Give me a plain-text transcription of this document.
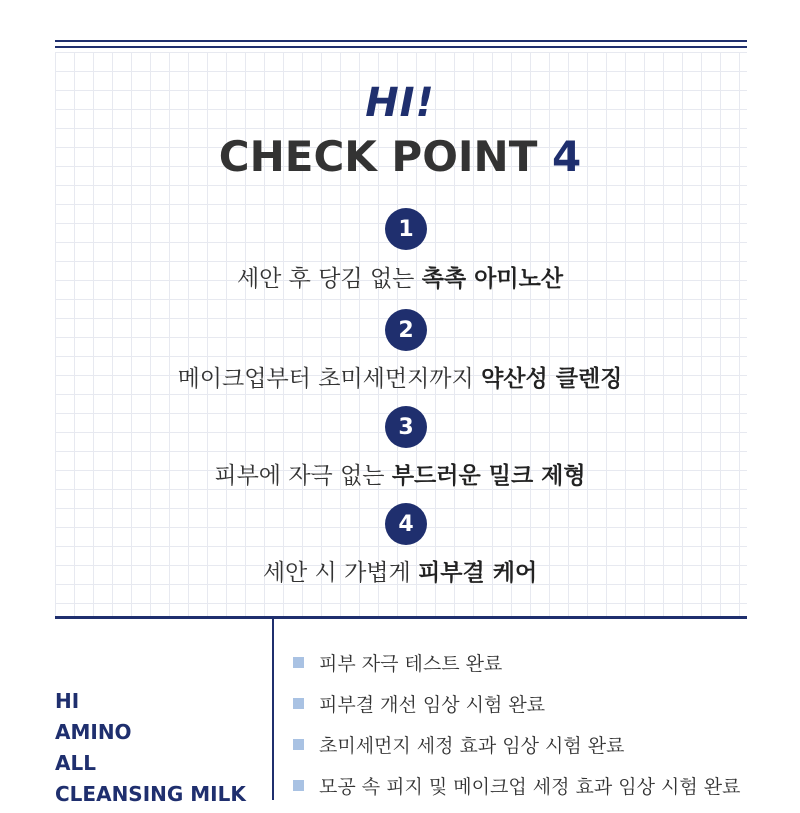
HI!
CHECK POINT 4
1
세안 후 당김 없는 촉촉 아미노산
2
메이크업부터 초미세먼지까지 약산성 클렌징
3
피부에 자극 없는 부드러운 밀크 제형
4
세안 시 가볍게 피부결 케어
HI
AMINO
ALL
CLEANSING MILK
피부 자극 테스트 완료
피부결 개선 임상 시험 완료
초미세먼지 세정 효과 임상 시험 완료
모공 속 피지 및 메이크업 세정 효과 임상 시험 완료
